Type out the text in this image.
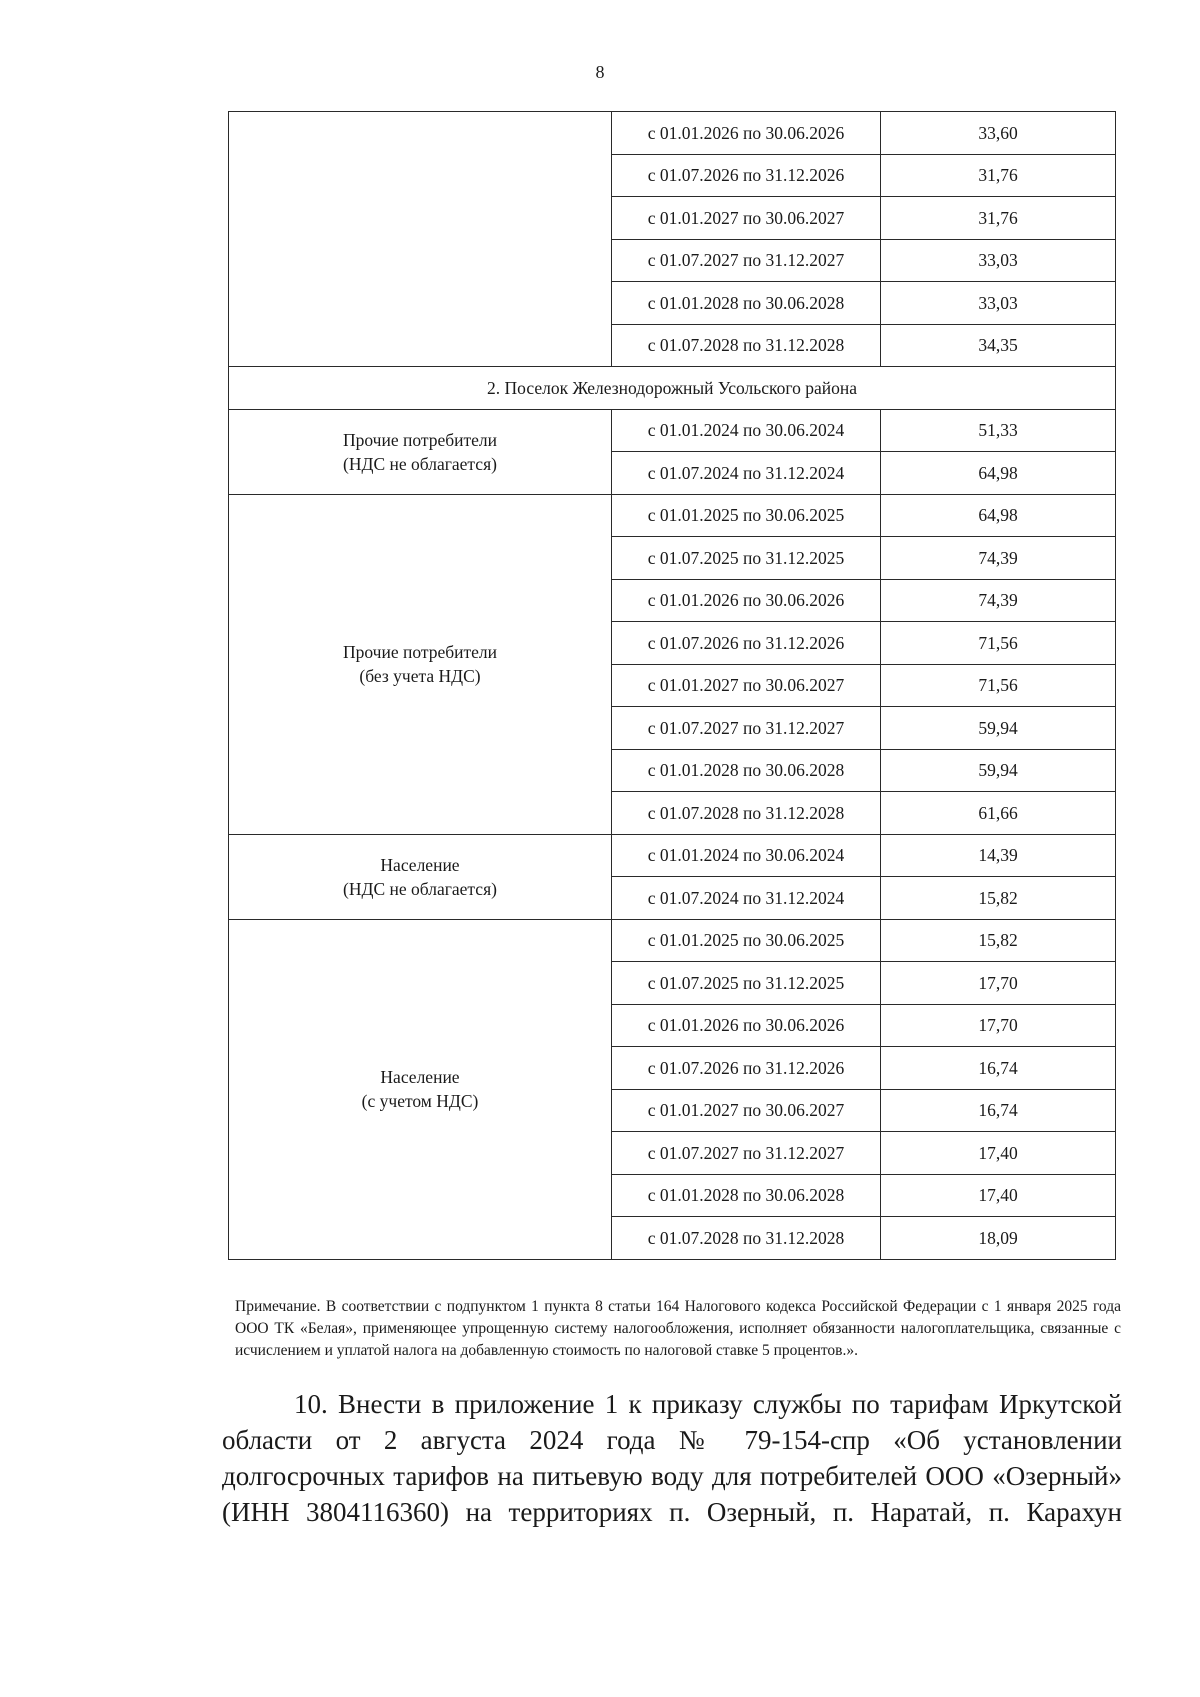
8
	с 01.01.2026 по 30.06.2026	33,60
	с 01.07.2026 по 31.12.2026	31,76
	с 01.01.2027 по 30.06.2027	31,76
	с 01.07.2027 по 31.12.2027	33,03
	с 01.01.2028 по 30.06.2028	33,03
	с 01.07.2028 по 31.12.2028	34,35
2. Поселок Железнодорожный Усольского района		
Прочие потребители
(НДС не облагается)	с 01.01.2024 по 30.06.2024	51,33
	с 01.07.2024 по 31.12.2024	64,98
Прочие потребители
(без учета НДС)	с 01.01.2025 по 30.06.2025	64,98
	с 01.07.2025 по 31.12.2025	74,39
	с 01.01.2026 по 30.06.2026	74,39
	с 01.07.2026 по 31.12.2026	71,56
	с 01.01.2027 по 30.06.2027	71,56
	с 01.07.2027 по 31.12.2027	59,94
	с 01.01.2028 по 30.06.2028	59,94
	с 01.07.2028 по 31.12.2028	61,66
Население
(НДС не облагается)	с 01.01.2024 по 30.06.2024	14,39
	с 01.07.2024 по 31.12.2024	15,82
Население
(с учетом НДС)	с 01.01.2025 по 30.06.2025	15,82
	с 01.07.2025 по 31.12.2025	17,70
	с 01.01.2026 по 30.06.2026	17,70
	с 01.07.2026 по 31.12.2026	16,74
	с 01.01.2027 по 30.06.2027	16,74
	с 01.07.2027 по 31.12.2027	17,40
	с 01.01.2028 по 30.06.2028	17,40
	с 01.07.2028 по 31.12.2028	18,09
Примечание. В соответствии с подпунктом 1 пункта 8 статьи 164 Налогового кодекса Российской Федерации с 1 января 2025 года ООО ТК «Белая», применяющее упрощенную систему налогообложения, исполняет обязанности налогоплательщика, связанные с исчислением и уплатой налога на добавленную стоимость по налоговой ставке 5 процентов.».
10. Внести в приложение 1 к приказу службы по тарифам Иркутской области от 2 августа 2024 года № 79-154-спр «Об установлении долгосрочных тарифов на питьевую воду для потребителей ООО «Озерный» (ИНН 3804116360) на территориях п. Озерный, п. Наратай, п. Карахун
